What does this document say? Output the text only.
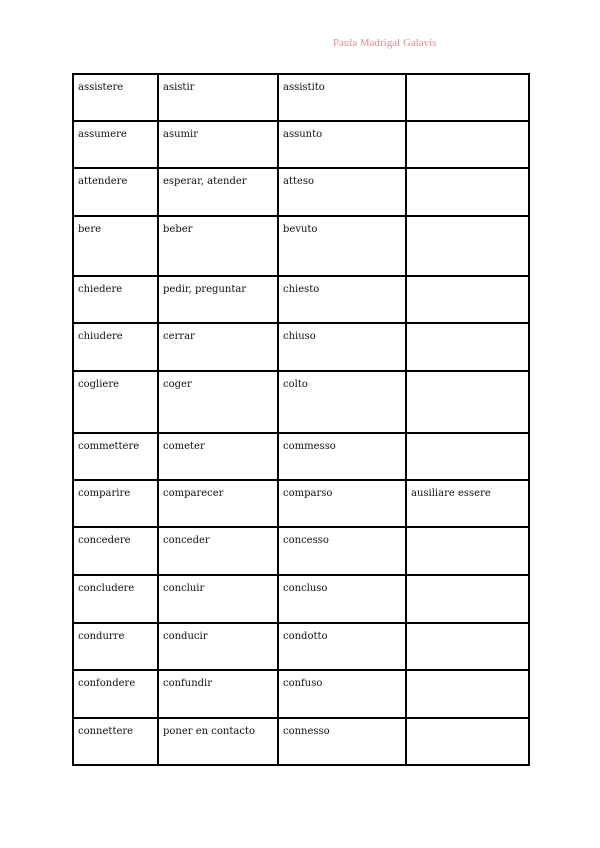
Paula Madrigal Galavís
assistere	asistir	assistito	
assumere	asumir	assunto	
attendere	esperar, atender	atteso	
bere	beber	bevuto	
chiedere	pedir, preguntar	chiesto	
chiudere	cerrar	chiuso	
cogliere	coger	colto	
commettere	cometer	commesso	
comparire	comparecer	comparso	ausiliare essere
concedere	conceder	concesso	
concludere	concluir	concluso	
condurre	conducir	condotto	
confondere	confundir	confuso	
connettere	poner en contacto	connesso	
